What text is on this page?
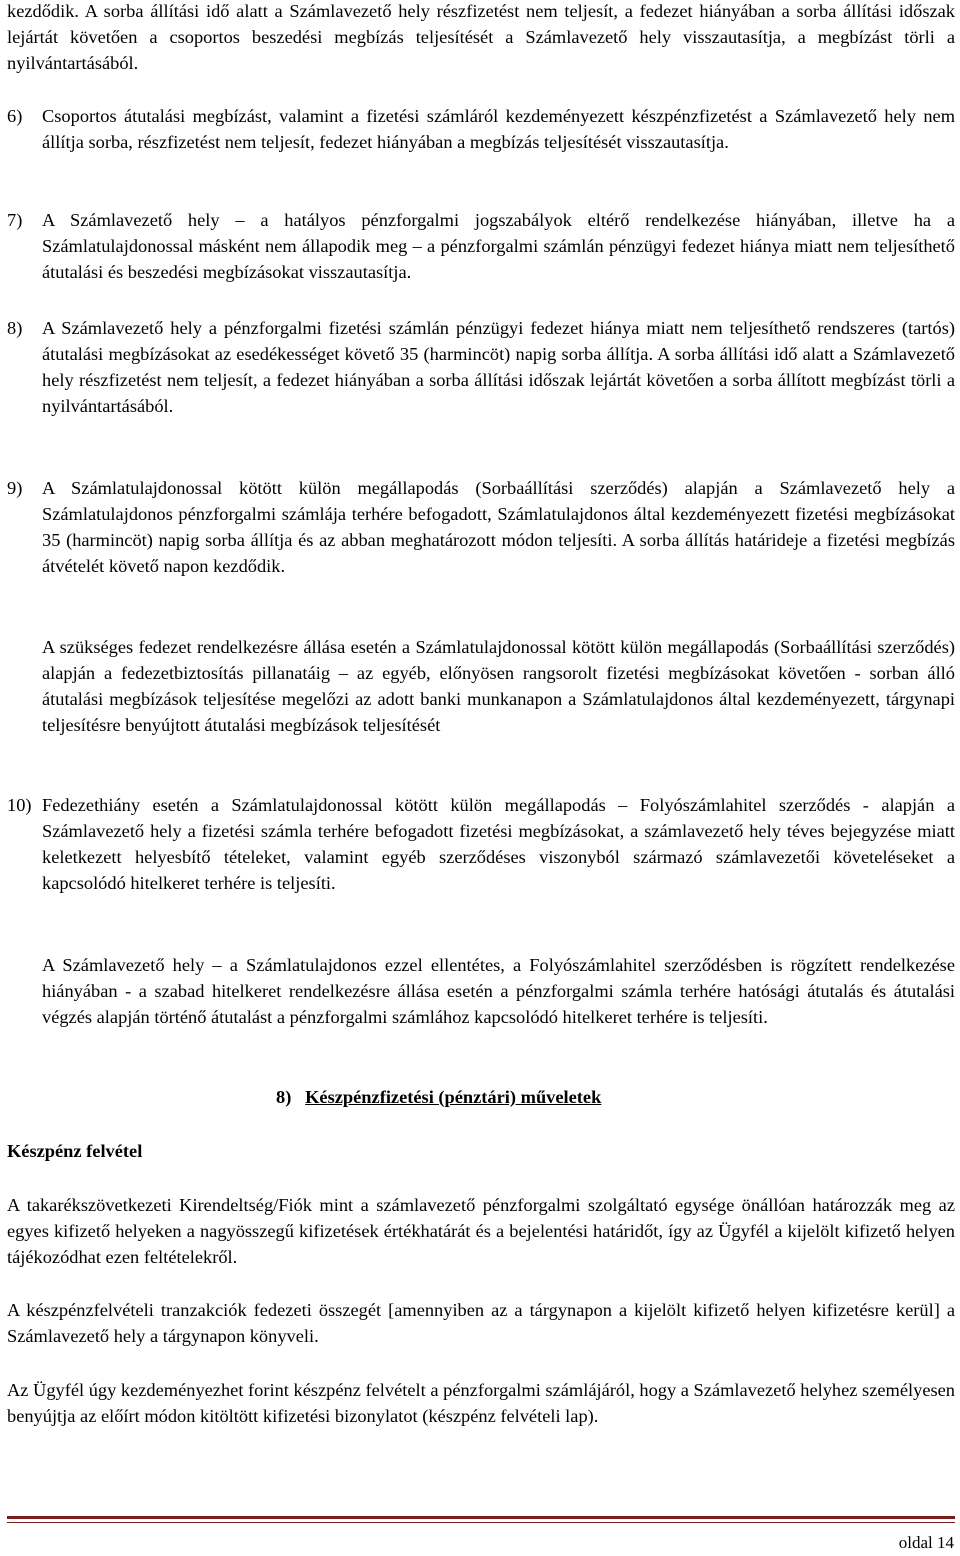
kezdődik. A sorba állítási idő alatt a Számlavezető hely részfizetést nem teljesít, a fedezet hiányában a sorba állítási időszak lejártát követően a csoportos beszedési megbízás teljesítését a Számlavezető hely visszautasítja, a megbízást törli a nyilvántartásából.
6) Csoportos átutalási megbízást, valamint a fizetési számláról kezdeményezett készpénzfizetést a Számlavezető hely nem állítja sorba, részfizetést nem teljesít, fedezet hiányában a megbízás teljesítését visszautasítja.
7) A Számlavezető hely – a hatályos pénzforgalmi jogszabályok eltérő rendelkezése hiányában, illetve ha a Számlatulajdonossal másként nem állapodik meg – a pénzforgalmi számlán pénzügyi fedezet hiánya miatt nem teljesíthető átutalási és beszedési megbízásokat visszautasítja.
8) A Számlavezető hely a pénzforgalmi fizetési számlán pénzügyi fedezet hiánya miatt nem teljesíthető rendszeres (tartós) átutalási megbízásokat az esedékességet követő 35 (harmincöt) napig sorba állítja. A sorba állítási idő alatt a Számlavezető hely részfizetést nem teljesít, a fedezet hiányában a sorba állítási időszak lejártát követően a sorba állított megbízást törli a nyilvántartásából.
9) A Számlatulajdonossal kötött külön megállapodás (Sorbaállítási szerződés) alapján a Számlavezető hely a Számlatulajdonos pénzforgalmi számlája terhére befogadott, Számlatulajdonos által kezdeményezett fizetési megbízásokat 35 (harmincöt) napig sorba állítja és az abban meghatározott módon teljesíti. A sorba állítás határideje a fizetési megbízás átvételét követő napon kezdődik.
A szükséges fedezet rendelkezésre állása esetén a Számlatulajdonossal kötött külön megállapodás (Sorbaállítási szerződés) alapján a fedezetbiztosítás pillanatáig – az egyéb, előnyösen rangsorolt fizetési megbízásokat követően - sorban álló átutalási megbízások teljesítése megelőzi az adott banki munkanapon a Számlatulajdonos által kezdeményezett, tárgynapi teljesítésre benyújtott átutalási megbízások teljesítését
10) Fedezethiány esetén a Számlatulajdonossal kötött külön megállapodás – Folyószámlahitel szerződés - alapján a Számlavezető hely a fizetési számla terhére befogadott fizetési megbízásokat, a számlavezető hely téves bejegyzése miatt keletkezett helyesbítő tételeket, valamint egyéb szerződéses viszonyból származó számlavezetői követeléseket a kapcsolódó hitelkeret terhére is teljesíti.
A Számlavezető hely – a Számlatulajdonos ezzel ellentétes, a Folyószámlahitel szerződésben is rögzített rendelkezése hiányában - a szabad hitelkeret rendelkezésre állása esetén a pénzforgalmi számla terhére hatósági átutalás és átutalási végzés alapján történő átutalást a pénzforgalmi számlához kapcsolódó hitelkeret terhére is teljesíti.
8) Készpénzfizetési (pénztári) műveletek
Készpénz felvétel
A takarékszövetkezeti Kirendeltség/Fiók mint a számlavezető pénzforgalmi szolgáltató egysége önállóan határozzák meg az egyes kifizető helyeken a nagyösszegű kifizetések értékhatárát és a bejelentési határidőt, így az Ügyfél a kijelölt kifizető helyen tájékozódhat ezen feltételekről.
A készpénzfelvételi tranzakciók fedezeti összegét [amennyiben az a tárgynapon a kijelölt kifizető helyen kifizetésre kerül] a Számlavezető hely a tárgynapon könyveli.
Az Ügyfél úgy kezdeményezhet forint készpénz felvételt a pénzforgalmi számlájáról, hogy a Számlavezető helyhez személyesen benyújtja az előírt módon kitöltött kifizetési bizonylatot (készpénz felvételi lap).
oldal 14
